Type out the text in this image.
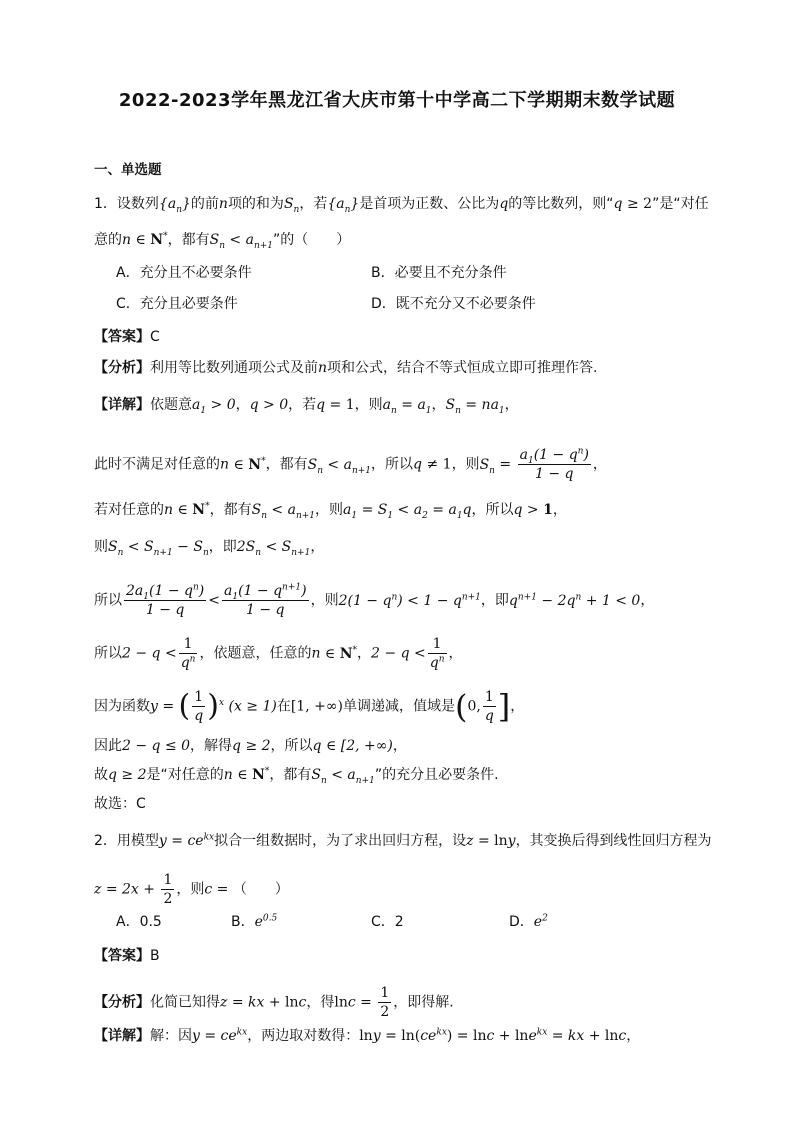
2022-2023学年黑龙江省大庆市第十中学高二下学期期末数学试题
一、单选题
1．设数列$\{a_n\}$的前n项的和为$S_n$，若$\{a_n\}$是首项为正数、公比为q的等比数列，则“q ≥ 2”是“对任
意的n ∈ N*，都有$S_n < a_{n+1}$”的（　　）
A．充分且不必要条件	B．必要且不充分条件
C．充分且必要条件	D．既不充分又不必要条件
【答案】C
【分析】利用等比数列通项公式及前n项和公式，结合不等式恒成立即可推理作答.
【详解】依题意$a_1 > 0$，q > 0，若q = 1，则$a_n = a_1$，$S_n = na_1$，
此时不满足对任意的n ∈ N*，都有$S_n < a_{n+1}$，所以q ≠ 1，则$S_n = \frac{a_1(1 - q^n)}{1 - q}$ ，
若对任意的n ∈ N*，都有$S_n < a_{n+1}$，则$a_1 = S_1 < a_2 = a_1q$，所以q > 1，
则$S_n < S_{n+1} - S_n$，即$2S_n < S_{n+1}$，
所以 $\frac{2a_1(1 - q^n)}{1 - q} < \frac{a_1(1 - q^{n+1})}{1 - q}$ ，则$2(1 - q^n) < 1 - q^{n+1}$，即$q^{n+1} - 2q^n + 1 < 0$，
所以$2 - q < \frac{1}{q^n}$ ，依题意，任意的n ∈ N*，$2 - q < \frac{1}{q^n}$ ，
因为函数y = ( $\frac{1}{q} )^x$ (x ≥ 1)在[1, +∞)单调递减，值域是(0, $\frac{1}{q}$ ]，
因此2 − q ≤ 0，解得q ≥ 2，所以q ∈ [2, +∞)，
故q ≥ 2是“对任意的n ∈ N*，都有$S_n < a_{n+1}$”的充分且必要条件.
故选：C
2．用模型$y = ce^{kx}$拟合一组数据时，为了求出回归方程，设z = lny，其变换后得到线性回归方程为
$z = 2x + \frac{1}{2}$ ，则c = （　　）
A．0.5	B．$e^{0.5}$	C．2	D．$e^2$
【答案】B
【分析】化简已知得z = kx + lnc，得$\ln c = \frac{1}{2}$ ，即得解.
【详解】解：因$y = ce^{kx}$，两边取对数得：$\ln y = \ln(ce^{kx}) = \ln c + \ln e^{kx}$ = kx + lnc，
